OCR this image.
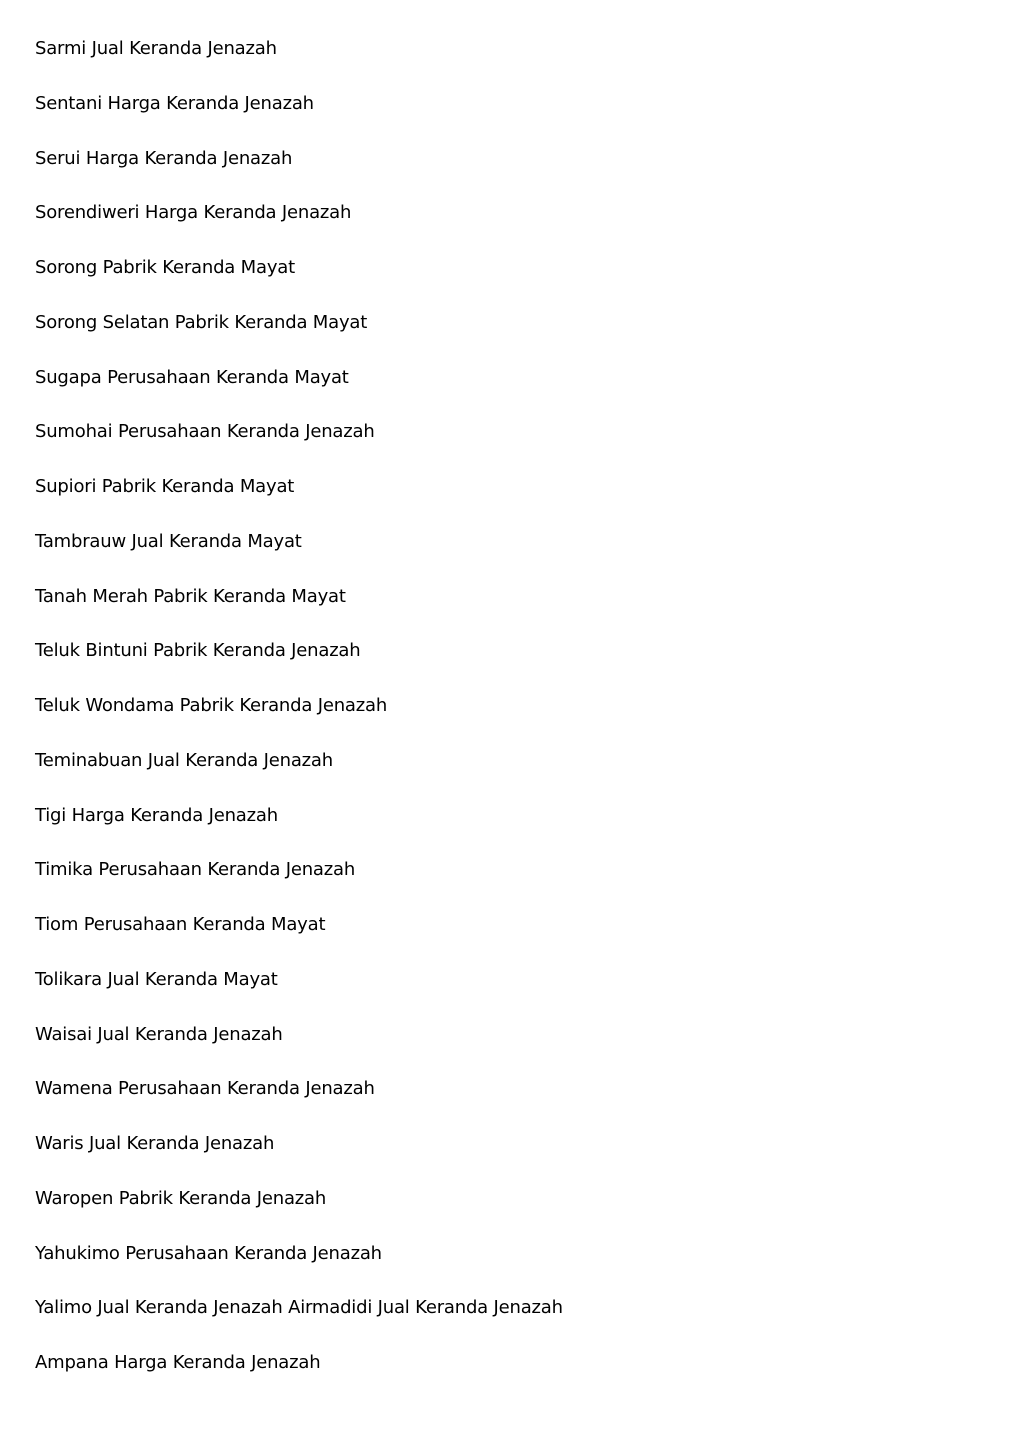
Sarmi Jual Keranda Jenazah
Sentani Harga Keranda Jenazah
Serui Harga Keranda Jenazah
Sorendiweri Harga Keranda Jenazah
Sorong Pabrik Keranda Mayat
Sorong Selatan Pabrik Keranda Mayat
Sugapa Perusahaan Keranda Mayat
Sumohai Perusahaan Keranda Jenazah
Supiori Pabrik Keranda Mayat
Tambrauw Jual Keranda Mayat
Tanah Merah Pabrik Keranda Mayat
Teluk Bintuni Pabrik Keranda Jenazah
Teluk Wondama Pabrik Keranda Jenazah
Teminabuan Jual Keranda Jenazah
Tigi Harga Keranda Jenazah
Timika Perusahaan Keranda Jenazah
Tiom Perusahaan Keranda Mayat
Tolikara Jual Keranda Mayat
Waisai Jual Keranda Jenazah
Wamena Perusahaan Keranda Jenazah
Waris Jual Keranda Jenazah
Waropen Pabrik Keranda Jenazah
Yahukimo Perusahaan Keranda Jenazah
Yalimo Jual Keranda Jenazah Airmadidi Jual Keranda Jenazah
Ampana Harga Keranda Jenazah
